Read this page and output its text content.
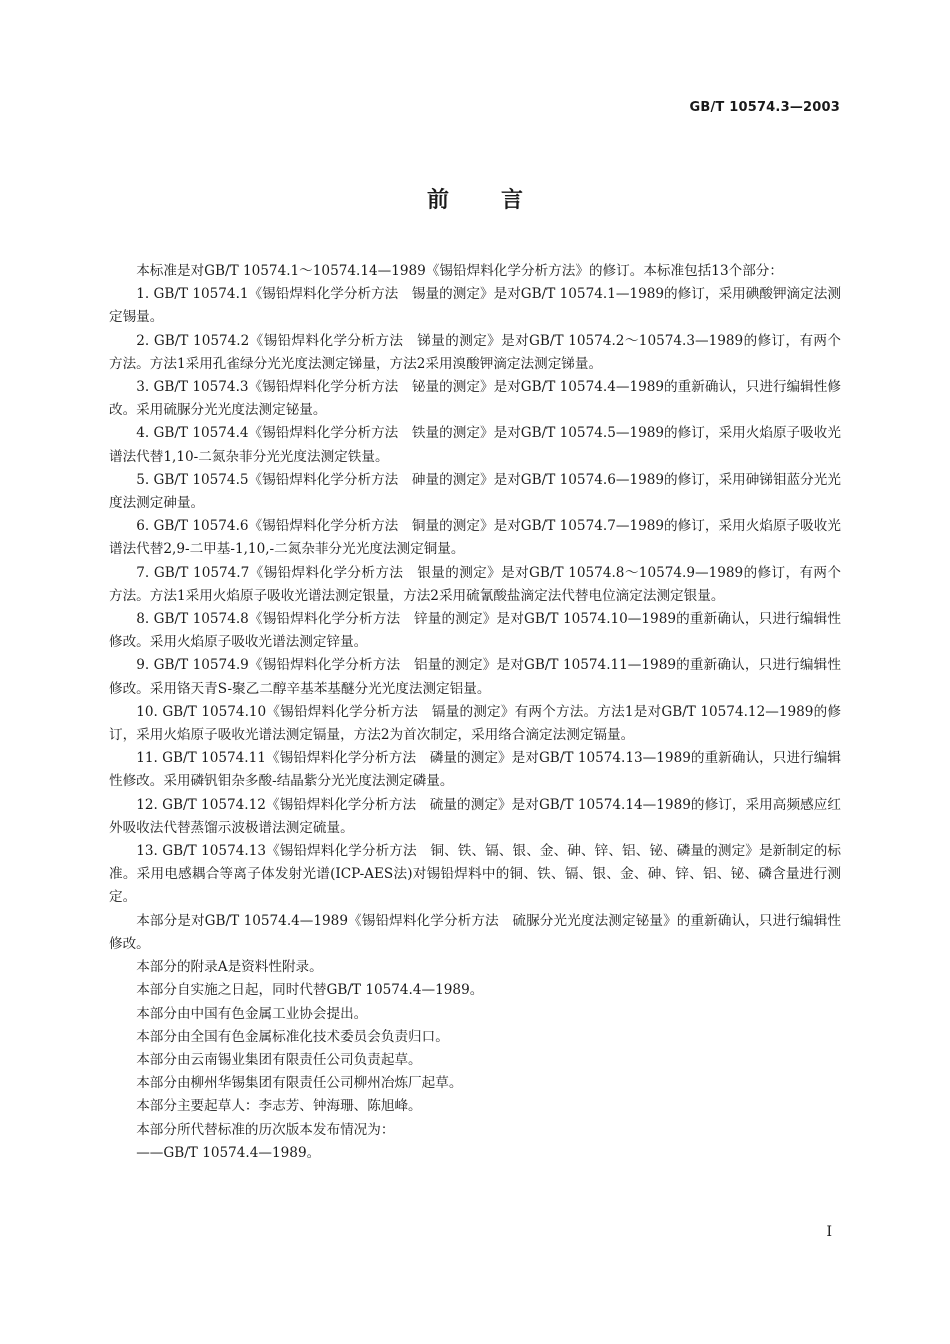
GB/T 10574.3—2003
前言

本标准是对GB/T 10574.1～10574.14—1989《锡铅焊料化学分析方法》的修订。本标准包括13个部分：

1. GB/T 10574.1《锡铅焊料化学分析方法　锡量的测定》是对GB/T 10574.1—1989的修订，采用碘酸钾滴定法测定锡量。

2. GB/T 10574.2《锡铅焊料化学分析方法　锑量的测定》是对GB/T 10574.2～10574.3—1989的修订，有两个方法。方法1采用孔雀绿分光光度法测定锑量，方法2采用溴酸钾滴定法测定锑量。

3. GB/T 10574.3《锡铅焊料化学分析方法　铋量的测定》是对GB/T 10574.4—1989的重新确认，只进行编辑性修改。采用硫脲分光光度法测定铋量。

4. GB/T 10574.4《锡铅焊料化学分析方法　铁量的测定》是对GB/T 10574.5—1989的修订，采用火焰原子吸收光谱法代替1,10-二氮杂菲分光光度法测定铁量。

5. GB/T 10574.5《锡铅焊料化学分析方法　砷量的测定》是对GB/T 10574.6—1989的修订，采用砷锑钼蓝分光光度法测定砷量。

6. GB/T 10574.6《锡铅焊料化学分析方法　铜量的测定》是对GB/T 10574.7—1989的修订，采用火焰原子吸收光谱法代替2,9-二甲基-1,10,-二氮杂菲分光光度法测定铜量。

7. GB/T 10574.7《锡铅焊料化学分析方法　银量的测定》是对GB/T 10574.8～10574.9—1989的修订，有两个方法。方法1采用火焰原子吸收光谱法测定银量，方法2采用硫氰酸盐滴定法代替电位滴定法测定银量。

8. GB/T 10574.8《锡铅焊料化学分析方法　锌量的测定》是对GB/T 10574.10—1989的重新确认，只进行编辑性修改。采用火焰原子吸收光谱法测定锌量。

9. GB/T 10574.9《锡铅焊料化学分析方法　铝量的测定》是对GB/T 10574.11—1989的重新确认，只进行编辑性修改。采用铬天青S-聚乙二醇辛基苯基醚分光光度法测定铝量。

10. GB/T 10574.10《锡铅焊料化学分析方法　镉量的测定》有两个方法。方法1是对GB/T 10574.12—1989的修订，采用火焰原子吸收光谱法测定镉量，方法2为首次制定，采用络合滴定法测定镉量。

11. GB/T 10574.11《锡铅焊料化学分析方法　磷量的测定》是对GB/T 10574.13—1989的重新确认，只进行编辑性修改。采用磷钒钼杂多酸-结晶紫分光光度法测定磷量。

12. GB/T 10574.12《锡铅焊料化学分析方法　硫量的测定》是对GB/T 10574.14—1989的修订，采用高频感应红外吸收法代替蒸馏示波极谱法测定硫量。

13. GB/T 10574.13《锡铅焊料化学分析方法　铜、铁、镉、银、金、砷、锌、铝、铋、磷量的测定》是新制定的标准。采用电感耦合等离子体发射光谱(ICP-AES法)对锡铅焊料中的铜、铁、镉、银、金、砷、锌、铝、铋、磷含量进行测定。

本部分是对GB/T 10574.4—1989《锡铅焊料化学分析方法　硫脲分光光度法测定铋量》的重新确认，只进行编辑性修改。

本部分的附录A是资料性附录。

本部分自实施之日起，同时代替GB/T 10574.4—1989。

本部分由中国有色金属工业协会提出。

本部分由全国有色金属标准化技术委员会负责归口。

本部分由云南锡业集团有限责任公司负责起草。

本部分由柳州华锡集团有限责任公司柳州冶炼厂起草。

本部分主要起草人：李志芳、钟海珊、陈旭峰。

本部分所代替标准的历次版本发布情况为：

——GB/T 10574.4—1989。

I
